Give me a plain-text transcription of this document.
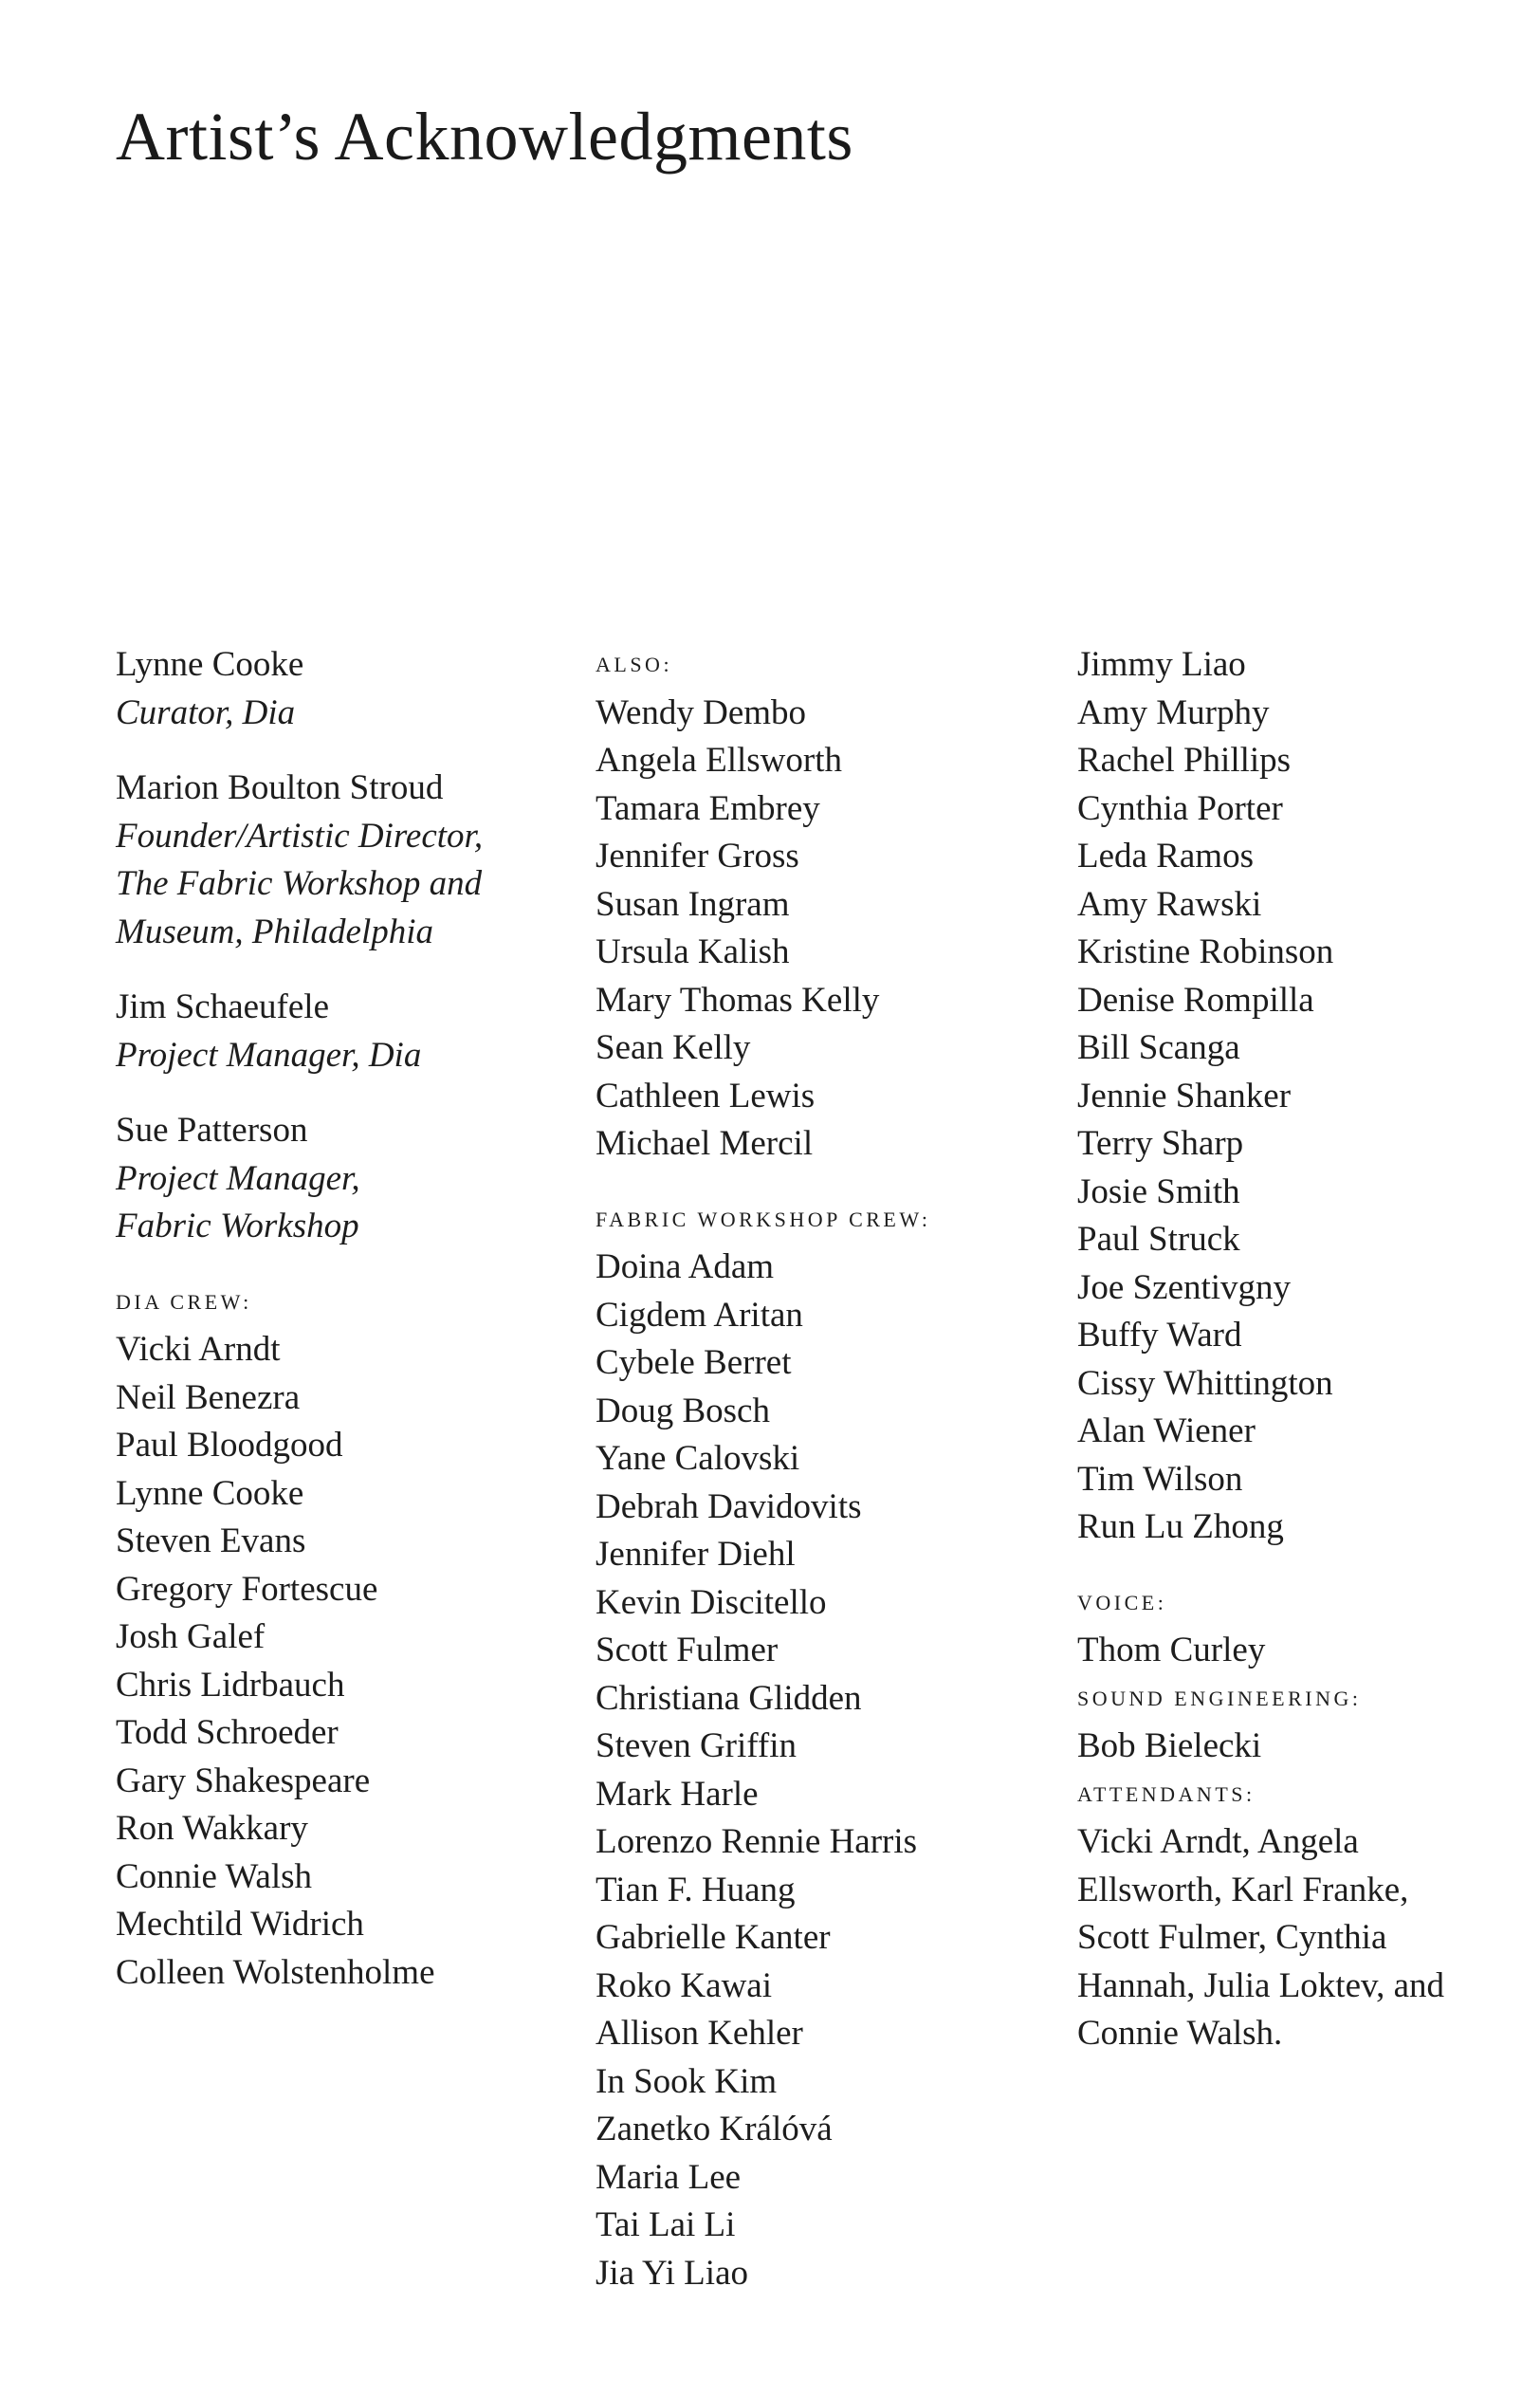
Artist’s Acknowledgments
Lynne Cooke
Curator, Dia
Marion Boulton Stroud
Founder/Artistic Director,
The Fabric Workshop and
Museum, Philadelphia
Jim Schaeufele
Project Manager, Dia
Sue Patterson
Project Manager,
Fabric Workshop
DIA CREW:
Vicki Arndt
Neil Benezra
Paul Bloodgood
Lynne Cooke
Steven Evans
Gregory Fortescue
Josh Galef
Chris Lidrbauch
Todd Schroeder
Gary Shakespeare
Ron Wakkary
Connie Walsh
Mechtild Widrich
Colleen Wolstenholme
ALSO:
Wendy Dembo
Angela Ellsworth
Tamara Embrey
Jennifer Gross
Susan Ingram
Ursula Kalish
Mary Thomas Kelly
Sean Kelly
Cathleen Lewis
Michael Mercil
FABRIC WORKSHOP CREW:
Doina Adam
Cigdem Aritan
Cybele Berret
Doug Bosch
Yane Calovski
Debrah Davidovits
Jennifer Diehl
Kevin Discitello
Scott Fulmer
Christiana Glidden
Steven Griffin
Mark Harle
Lorenzo Rennie Harris
Tian F. Huang
Gabrielle Kanter
Roko Kawai
Allison Kehler
In Sook Kim
Zanetko Králóvá
Maria Lee
Tai Lai Li
Jia Yi Liao
Jimmy Liao
Amy Murphy
Rachel Phillips
Cynthia Porter
Leda Ramos
Amy Rawski
Kristine Robinson
Denise Rompilla
Bill Scanga
Jennie Shanker
Terry Sharp
Josie Smith
Paul Struck
Joe Szentivgny
Buffy Ward
Cissy Whittington
Alan Wiener
Tim Wilson
Run Lu Zhong
VOICE:
Thom Curley
SOUND ENGINEERING:
Bob Bielecki
ATTENDANTS:
Vicki Arndt, Angela Ellsworth, Karl Franke, Scott Fulmer, Cynthia Hannah, Julia Loktev, and Connie Walsh.
